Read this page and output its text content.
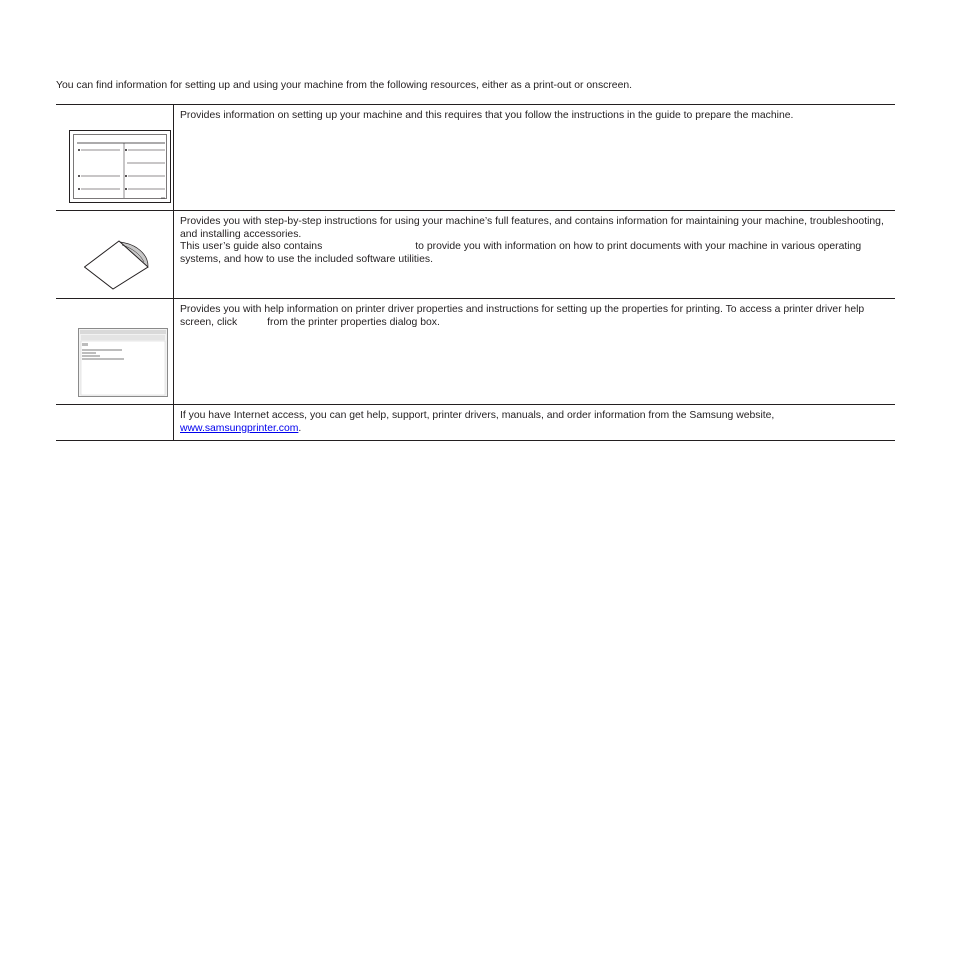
You can find information for setting up and using your machine from the following resources, either as a print-out or onscreen.
	Provides information on setting up your machine and this requires that you follow the instructions in the guide to prepare the machine.

	Provides you with step-by-step instructions for using your machine’s full features, and contains information for maintaining your machine, troubleshooting, and installing accessories.
This user’s guide also contains to provide you with information on how to print documents with your machine in various operating systems, and how to use the included software utilities.

	Provides you with help information on printer driver properties and instructions for setting up the properties for printing. To access a printer driver help screen, click from the printer properties dialog box.
	If you have Internet access, you can get help, support, printer drivers, manuals, and order information from the Samsung website,
www.samsungprinter.com.
